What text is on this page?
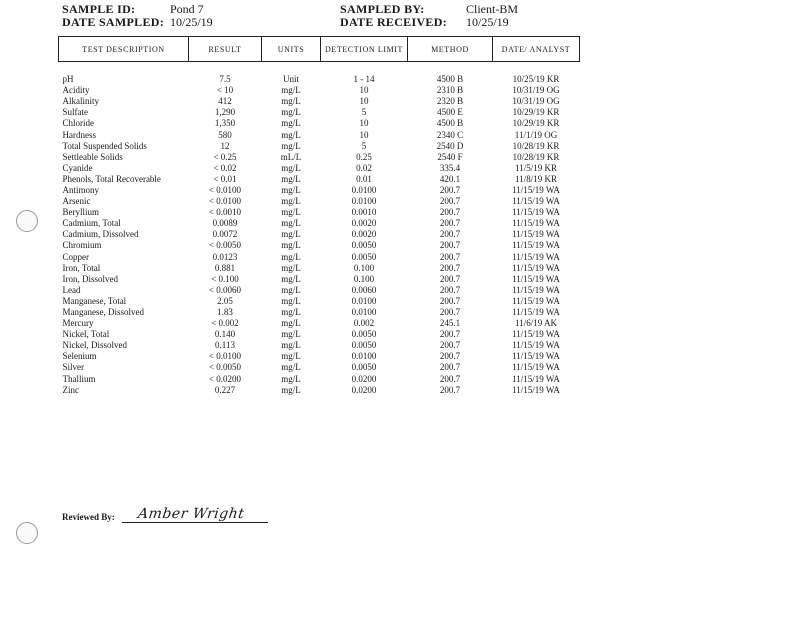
SAMPLE ID:	Pond 7
DATE SAMPLED: 10/25/19
SAMPLED BY:	Client-BM
DATE RECEIVED: 10/25/19
TEST DESCRIPTION	RESULT	UNITS	DETECTION LIMIT	METHOD	DATE/ ANALYST

pH	7.5	Unit	1 - 14	4500 B	10/25/19 KR
Acidity	< 10	mg/L	10	2310 B	10/31/19 OG
Alkalinity	412	mg/L	10	2320 B	10/31/19 OG
Sulfate	1,290	mg/L	5	4500 E	10/29/19 KR
Chloride	1,350	mg/L	10	4500 B	10/29/19 KR
Hardness	580	mg/L	10	2340 C	11/1/19 OG
Total Suspended Solids	12	mg/L	5	2540 D	10/28/19 KR
Settleable Solids	< 0.25	mL/L	0.25	2540 F	10/28/19 KR
Cyanide	< 0.02	mg/L	0.02	335.4	11/5/19 KR
Phenols, Total Recoverable	< 0.01	mg/L	0.01	420.1	11/8/19 KR
Antimony	< 0.0100	mg/L	0.0100	200.7	11/15/19 WA
Arsenic	< 0.0100	mg/L	0.0100	200.7	11/15/19 WA
Beryllium	< 0.0010	mg/L	0.0010	200.7	11/15/19 WA
Cadmium, Total	0.0089	mg/L	0.0020	200.7	11/15/19 WA
Cadmium, Dissolved	0.0072	mg/L	0.0020	200.7	11/15/19 WA
Chromium	< 0.0050	mg/L	0.0050	200.7	11/15/19 WA
Copper	0.0123	mg/L	0.0050	200.7	11/15/19 WA
Iron, Total	0.881	mg/L	0.100	200.7	11/15/19 WA
Iron, Dissolved	< 0.100	mg/L	0.100	200.7	11/15/19 WA
Lead	< 0.0060	mg/L	0.0060	200.7	11/15/19 WA
Manganese, Total	2.05	mg/L	0.0100	200.7	11/15/19 WA
Manganese, Dissolved	1.83	mg/L	0.0100	200.7	11/15/19 WA
Mercury	< 0.002	mg/L	0.002	245.1	11/6/19 AK
Nickel, Total	0.140	mg/L	0.0050	200.7	11/15/19 WA
Nickel, Dissolved	0.113	mg/L	0.0050	200.7	11/15/19 WA
Selenium	< 0.0100	mg/L	0.0100	200.7	11/15/19 WA
Silver	< 0.0050	mg/L	0.0050	200.7	11/15/19 WA
Thallium	< 0.0200	mg/L	0.0200	200.7	11/15/19 WA
Zinc	0.227	mg/L	0.0200	200.7	11/15/19 WA
Reviewed By: Amber Wright
